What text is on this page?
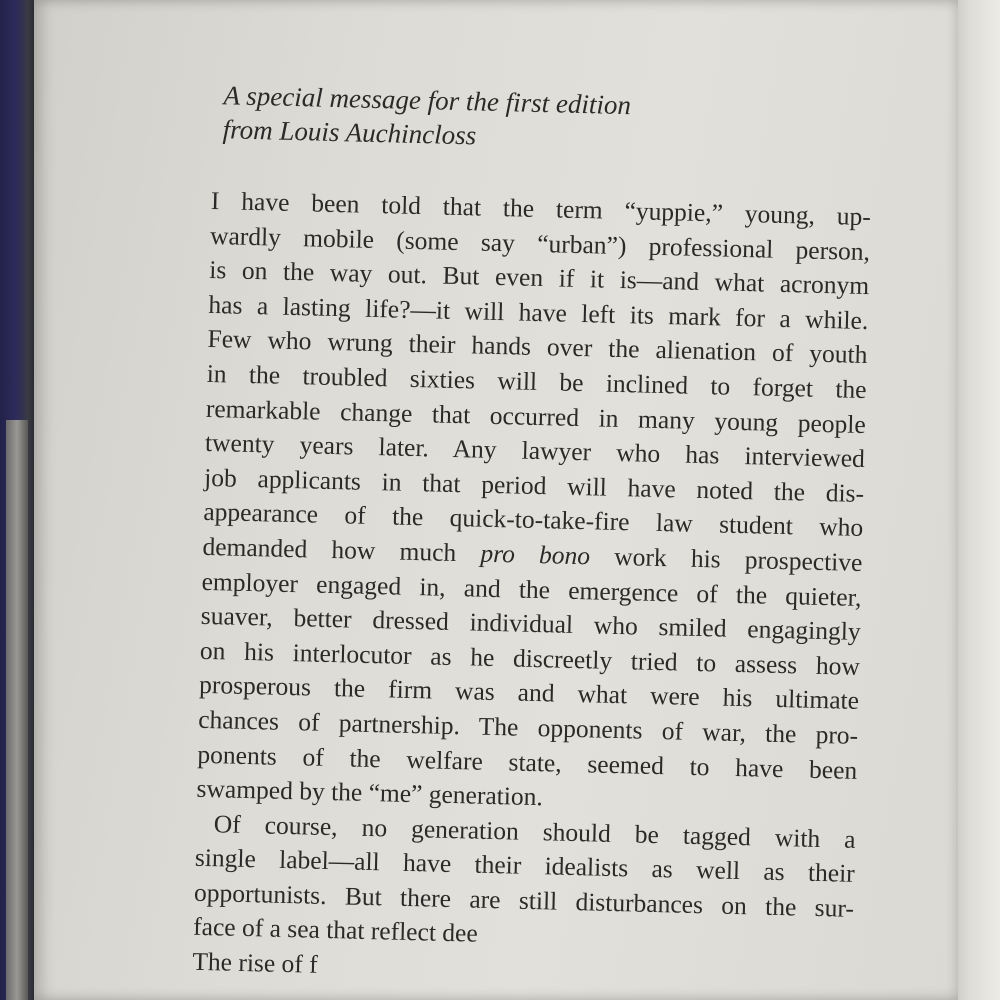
A special message for the first edition
from Louis Auchincloss
I have been told that the term “yuppie,” young, up-
wardly mobile (some say “urban”) professional person,
is on the way out. But even if it is—and what acronym
has a lasting life?—it will have left its mark for a while.
Few who wrung their hands over the alienation of youth
in the troubled sixties will be inclined to forget the
remarkable change that occurred in many young people
twenty years later. Any lawyer who has interviewed
job applicants in that period will have noted the dis-
appearance of the quick-to-take-fire law student who
demanded how much pro bono work his prospective
employer engaged in, and the emergence of the quieter,
suaver, better dressed individual who smiled engagingly
on his interlocutor as he discreetly tried to assess how
prosperous the firm was and what were his ultimate
chances of partnership. The opponents of war, the pro-
ponents of the welfare state, seemed to have been
swamped by the “me” generation.
Of course, no generation should be tagged with a
single label—all have their idealists as well as their
opportunists. But there are still disturbances on the sur-
face of a sea that reflect dee
The rise of f
